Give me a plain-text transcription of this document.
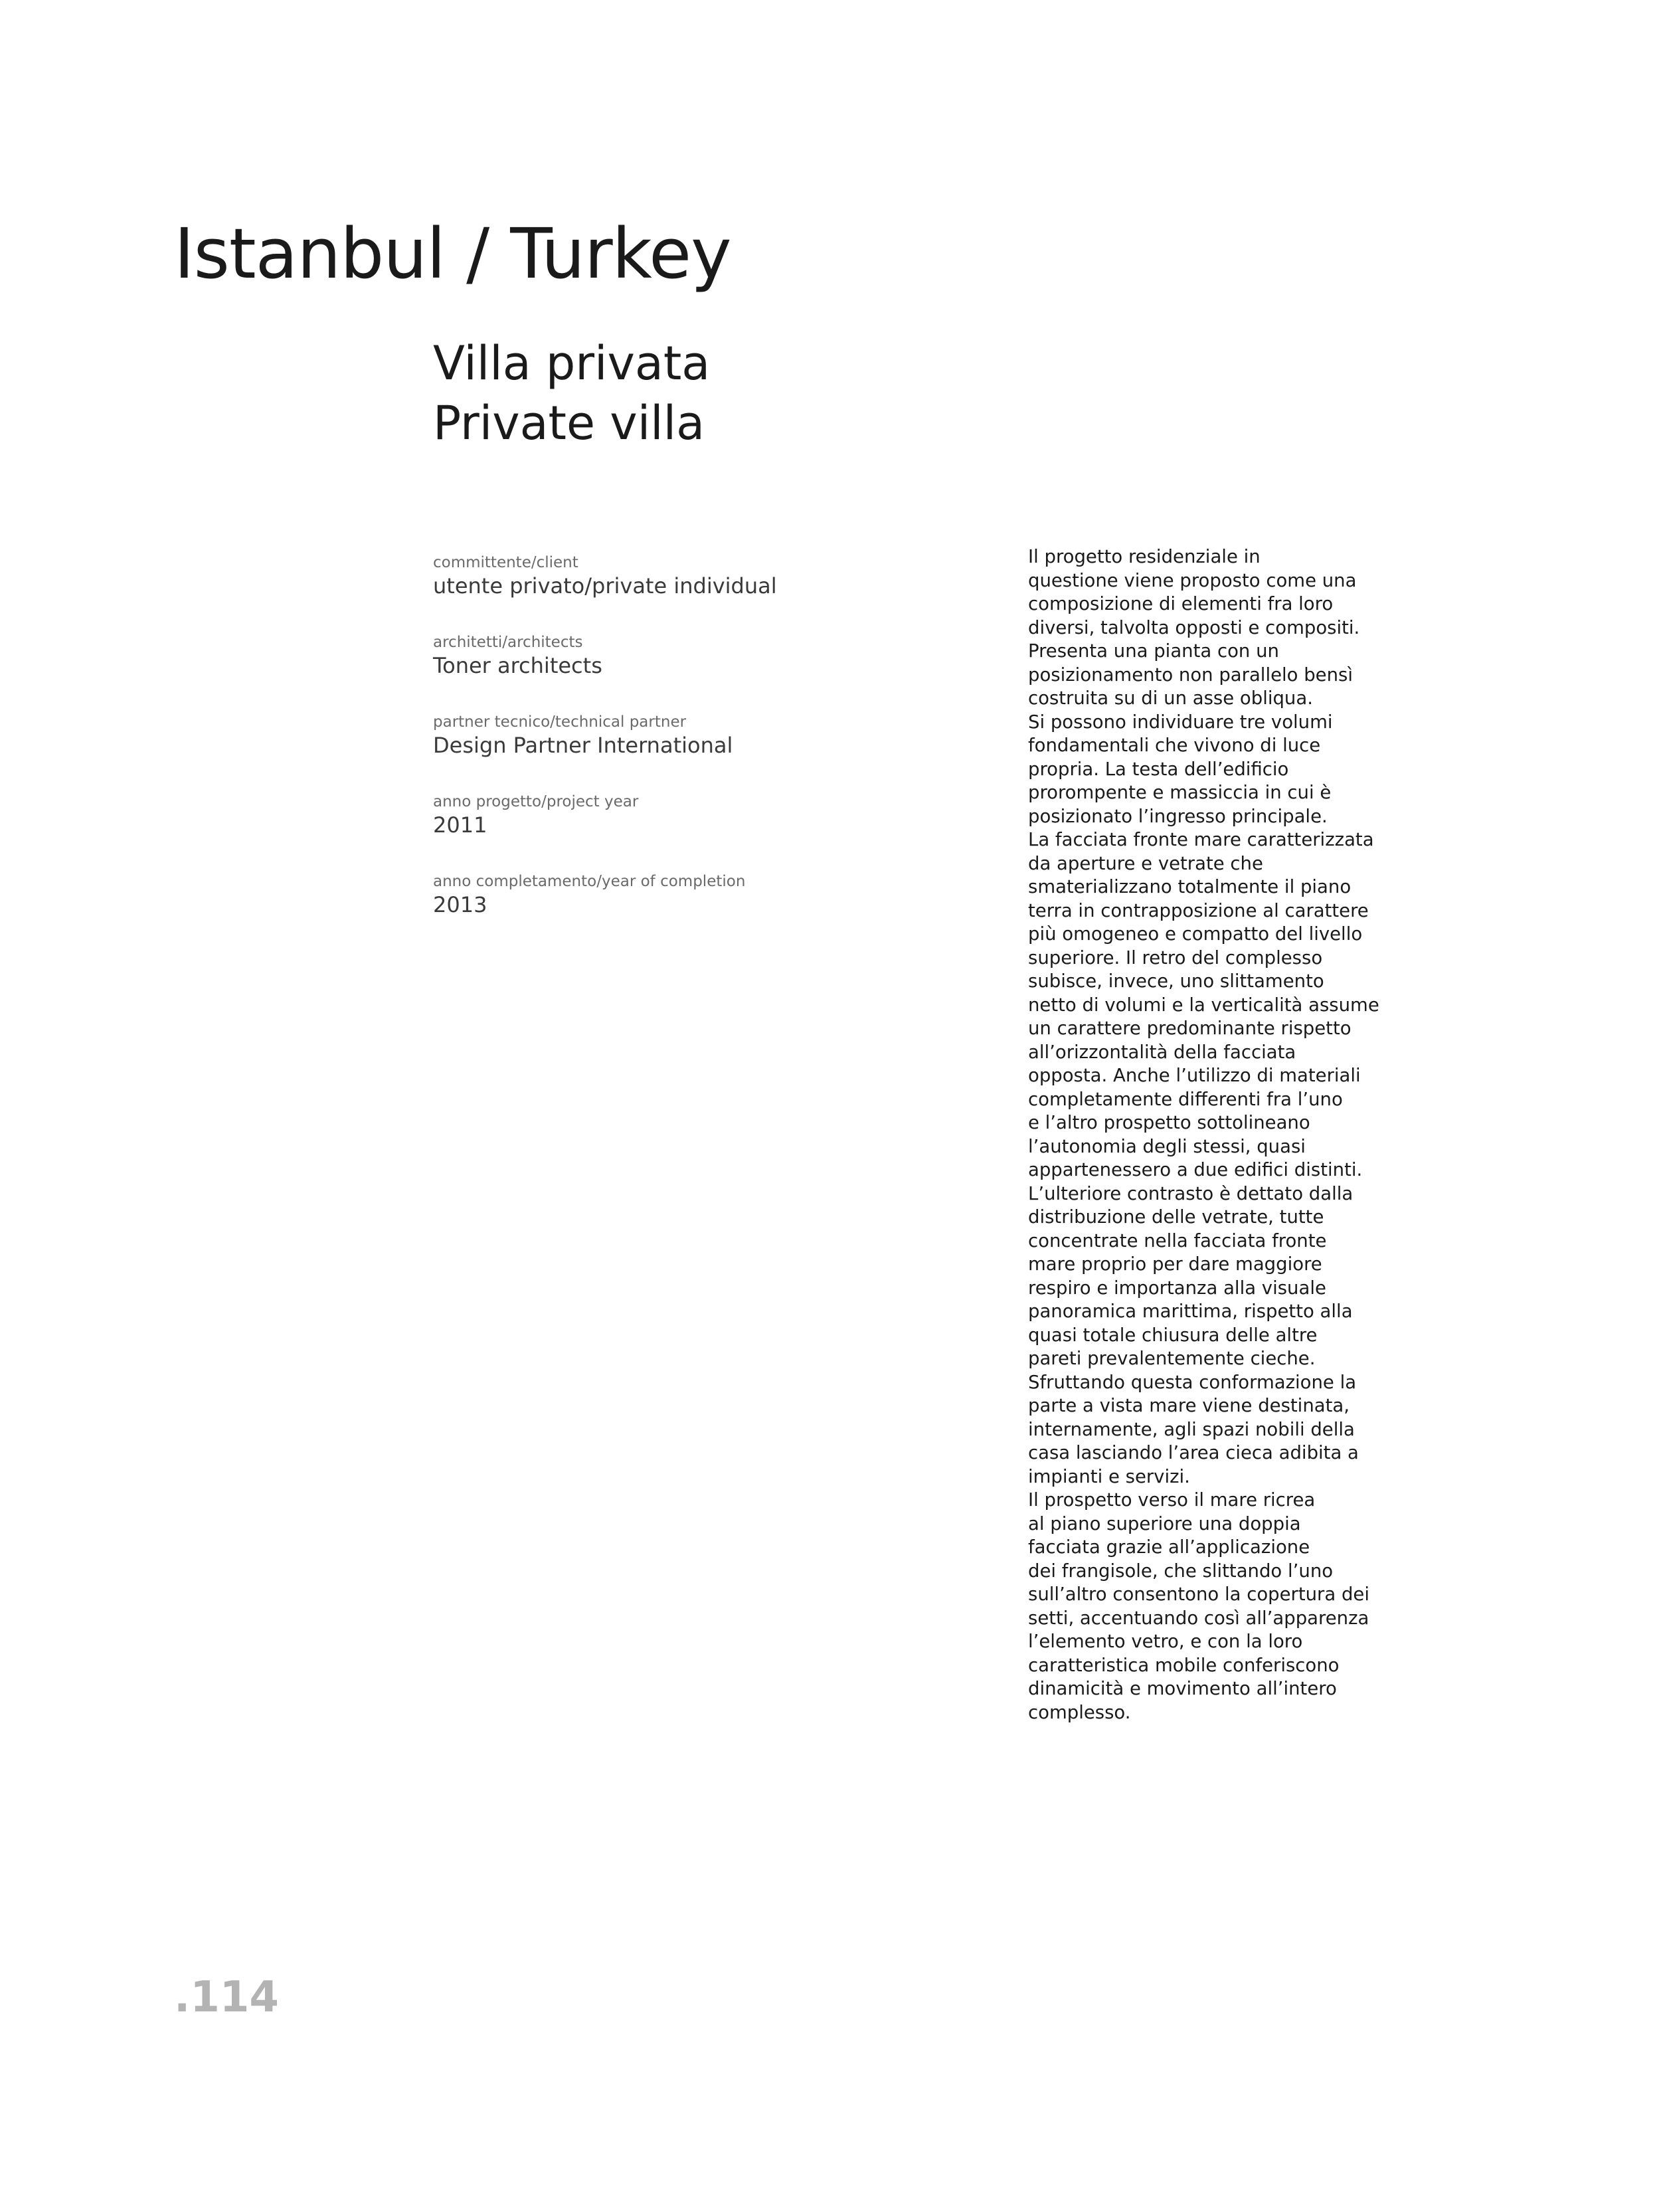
Istanbul / Turkey
Villa privata
Private villa
committente/client
utente privato/private individual
architetti/architects
Toner architects
partner tecnico/technical partner
Design Partner International
anno progetto/project year
2011
anno completamento/year of completion
2013
Il progetto residenziale in
questione viene proposto come una
composizione di elementi fra loro
diversi, talvolta opposti e compositi.
Presenta una pianta con un
posizionamento non parallelo bensì
costruita su di un asse obliqua.
Si possono individuare tre volumi
fondamentali che vivono di luce
propria. La testa dell’edificio
prorompente e massiccia in cui è
posizionato l’ingresso principale.
La facciata fronte mare caratterizzata
da aperture e vetrate che
smaterializzano totalmente il piano
terra in contrapposizione al carattere
più omogeneo e compatto del livello
superiore. Il retro del complesso
subisce, invece, uno slittamento
netto di volumi e la verticalità assume
un carattere predominante rispetto
all’orizzontalità della facciata
opposta. Anche l’utilizzo di materiali
completamente differenti fra l’uno
e l’altro prospetto sottolineano
l’autonomia degli stessi, quasi
appartenessero a due edifici distinti.
L’ulteriore contrasto è dettato dalla
distribuzione delle vetrate, tutte
concentrate nella facciata fronte
mare proprio per dare maggiore
respiro e importanza alla visuale
panoramica marittima, rispetto alla
quasi totale chiusura delle altre
pareti prevalentemente cieche.
Sfruttando questa conformazione la
parte a vista mare viene destinata,
internamente, agli spazi nobili della
casa lasciando l’area cieca adibita a
impianti e servizi.
Il prospetto verso il mare ricrea
al piano superiore una doppia
facciata grazie all’applicazione
dei frangisole, che slittando l’uno
sull’altro consentono la copertura dei
setti, accentuando così all’apparenza
l’elemento vetro, e con la loro
caratteristica mobile conferiscono
dinamicità e movimento all’intero
complesso.
.114
